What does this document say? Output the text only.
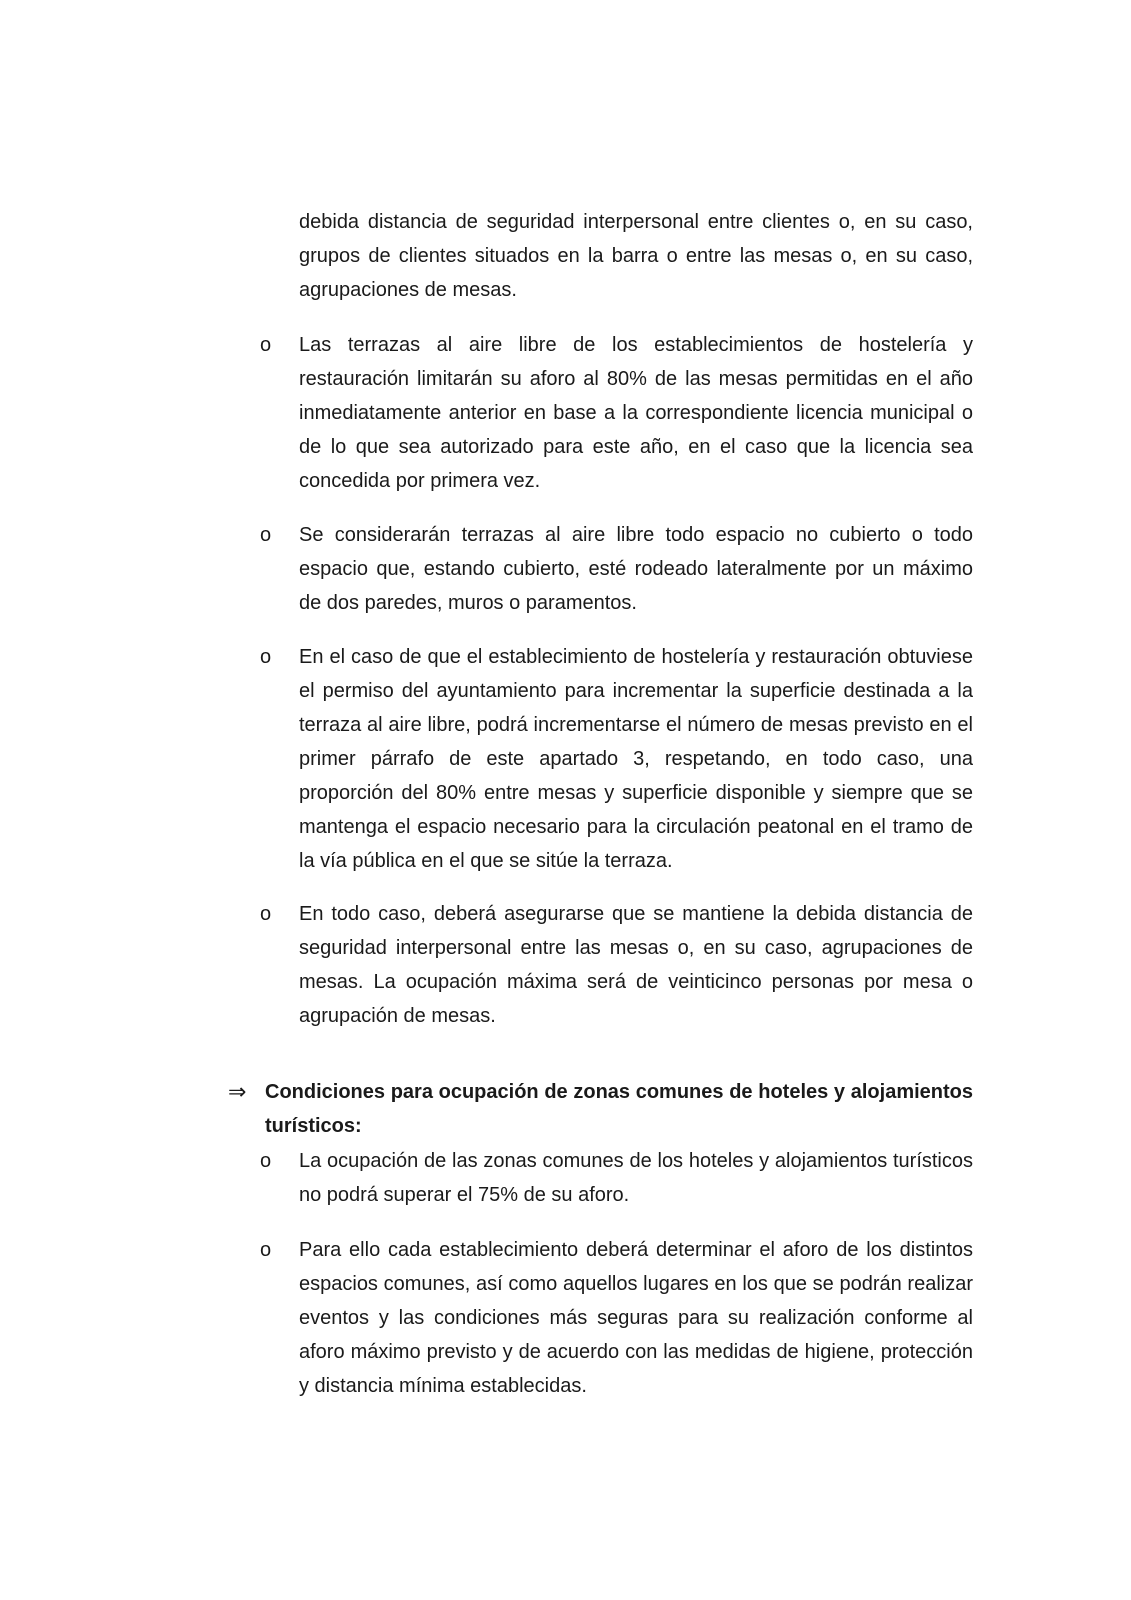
debida distancia de seguridad interpersonal entre clientes o, en su caso, grupos de clientes situados en la barra o entre las mesas o, en su caso, agrupaciones de mesas.

o	Las terrazas al aire libre de los establecimientos de hostelería y restauración limitarán su aforo al 80% de las mesas permitidas en el año inmediatamente anterior en base a la correspondiente licencia municipal o de lo que sea autorizado para este año, en el caso que la licencia sea concedida por primera vez.

o	Se considerarán terrazas al aire libre todo espacio no cubierto o todo espacio que, estando cubierto, esté rodeado lateralmente por un máximo de dos paredes, muros o paramentos.

o	En el caso de que el establecimiento de hostelería y restauración obtuviese el permiso del ayuntamiento para incrementar la superficie destinada a la terraza al aire libre, podrá incrementarse el número de mesas previsto en el primer párrafo de este apartado 3, respetando, en todo caso, una proporción del 80% entre mesas y superficie disponible y siempre que se mantenga el espacio necesario para la circulación peatonal en el tramo de la vía pública en el que se sitúe la terraza.

o	En todo caso, deberá asegurarse que se mantiene la debida distancia de seguridad interpersonal entre las mesas o, en su caso, agrupaciones de mesas. La ocupación máxima será de veinticinco personas por mesa o agrupación de mesas.

⇒ Condiciones para ocupación de zonas comunes de hoteles y alojamientos turísticos:

o	La ocupación de las zonas comunes de los hoteles y alojamientos turísticos no podrá superar el 75% de su aforo.

o	Para ello cada establecimiento deberá determinar el aforo de los distintos espacios comunes, así como aquellos lugares en los que se podrán realizar eventos y las condiciones más seguras para su realización conforme al aforo máximo previsto y de acuerdo con las medidas de higiene, protección y distancia mínima establecidas.
